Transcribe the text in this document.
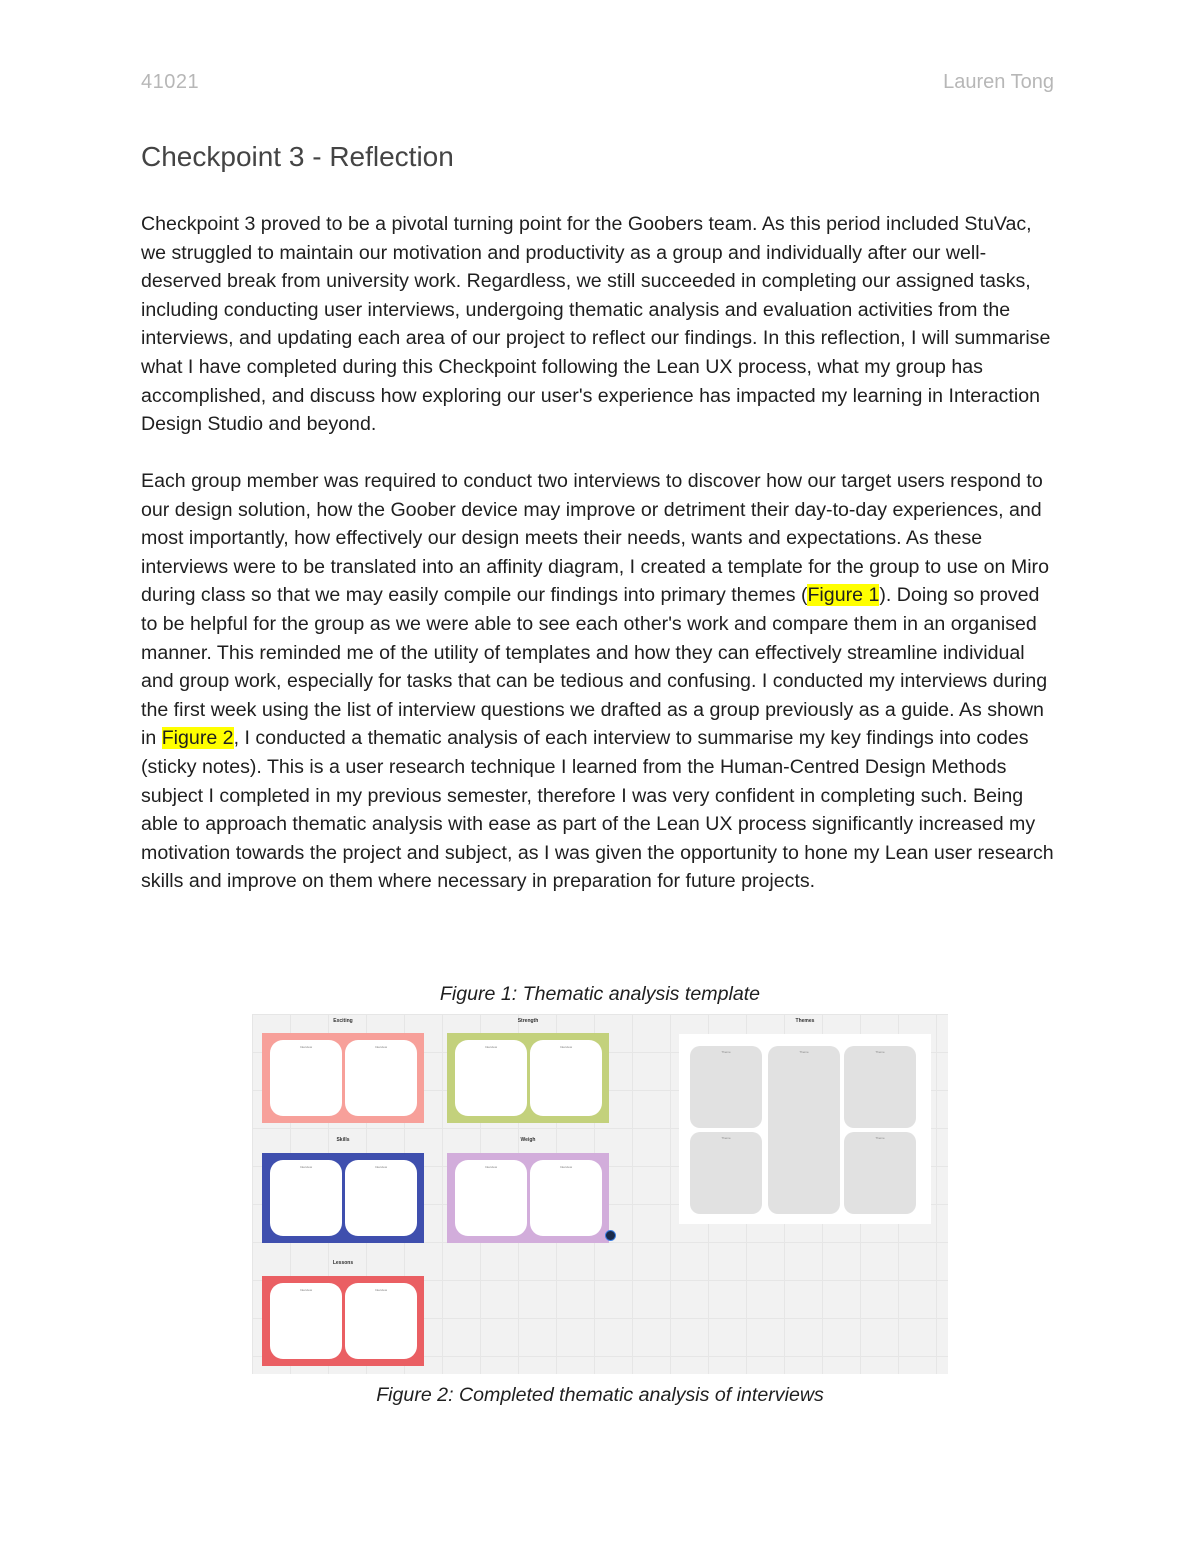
41021	Lauren Tong
Checkpoint 3 - Reflection

Checkpoint 3 proved to be a pivotal turning point for the Goobers team. As this period included StuVac, we struggled to maintain our motivation and productivity as a group and individually after our well-deserved break from university work. Regardless, we still succeeded in completing our assigned tasks, including conducting user interviews, undergoing thematic analysis and evaluation activities from the interviews, and updating each area of our project to reflect our findings. In this reflection, I will summarise what I have completed during this Checkpoint following the Lean UX process, what my group has accomplished, and discuss how exploring our user's experience has impacted my learning in Interaction Design Studio and beyond.

Each group member was required to conduct two interviews to discover how our target users respond to our design solution, how the Goober device may improve or detriment their day-to-day experiences, and most importantly, how effectively our design meets their needs, wants and expectations. As these interviews were to be translated into an affinity diagram, I created a template for the group to use on Miro during class so that we may easily compile our findings into primary themes (Figure 1). Doing so proved to be helpful for the group as we were able to see each other's work and compare them in an organised manner. This reminded me of the utility of templates and how they can effectively streamline individual and group work, especially for tasks that can be tedious and confusing. I conducted my interviews during the first week using the list of interview questions we drafted as a group previously as a guide. As shown in Figure 2, I conducted a thematic analysis of each interview to summarise my key findings into codes (sticky notes). This is a user research technique I learned from the Human-Centred Design Methods subject I completed in my previous semester, therefore I was very confident in completing such. Being able to approach thematic analysis with ease as part of the Lean UX process significantly increased my motivation towards the project and subject, as I was given the opportunity to hone my Lean user research skills and improve on them where necessary in preparation for future projects.

Figure 1: Thematic analysis template
Exciting
Interview	Interview
Strength
Interview	Interview
Skills
Interview	Interview
Weigh
Interview	Interview
Lessons
Interview	Interview
Themes
Theme	Theme	Theme
Theme	Theme
Figure 2: Completed thematic analysis of interviews
